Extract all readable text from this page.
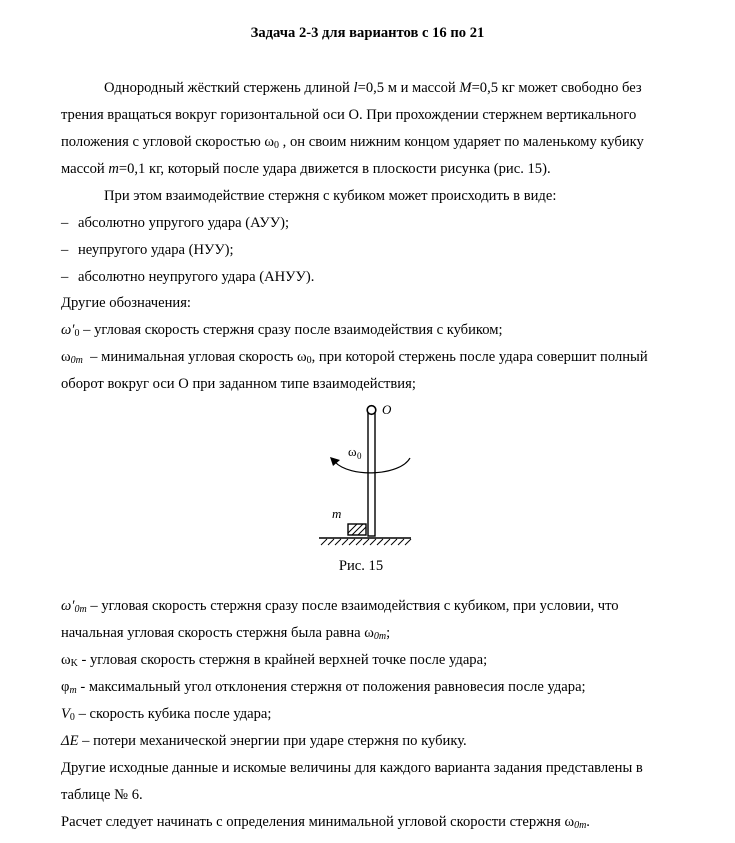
Задача 2-3 для вариантов с 16 по 21
Однородный жёсткий стержень длиной l=0,5 м и массой M=0,5 кг может свободно без
трения вращаться вокруг горизонтальной оси O. При прохождении стержнем вертикального
положения с угловой скоростью $\omega_0$ , он своим нижним концом ударяет по маленькому кубику
массой m=0,1 кг, который после удара движется в плоскости рисунка (рис. 15).
При этом взаимодействие стержня с кубиком может происходить в виде:
– абсолютно упругого удара (АУУ);
– неупругого удара (НУУ);
– абсолютно неупругого удара (АНУУ).
Другие обозначения:
$\omega'_0$ – угловая скорость стержня сразу после взаимодействия с кубиком;
$\omega_{0m}$ – минимальная угловая скорость $\omega_0$, при которой стержень после удара совершит полный
оборот вокруг оси O при заданном типе взаимодействия;
O
ω 0
m
Рис. 15
$\omega'_{0m}$ – угловая скорость стержня сразу после взаимодействия с кубиком, при условии, что
начальная угловая скорость стержня была равна $\omega_{0m}$;
$\omega_K$ - угловая скорость стержня в крайней верхней точке после удара;
$\varphi_m$ - максимальный угол отклонения стержня от положения равновесия после удара;
$V_0$ – скорость кубика после удара;
ΔE – потери механической энергии при ударе стержня по кубику.
Другие исходные данные и искомые величины для каждого варианта задания представлены в
таблице № 6.
Расчет следует начинать с определения минимальной угловой скорости стержня $\omega_{0m}$.
